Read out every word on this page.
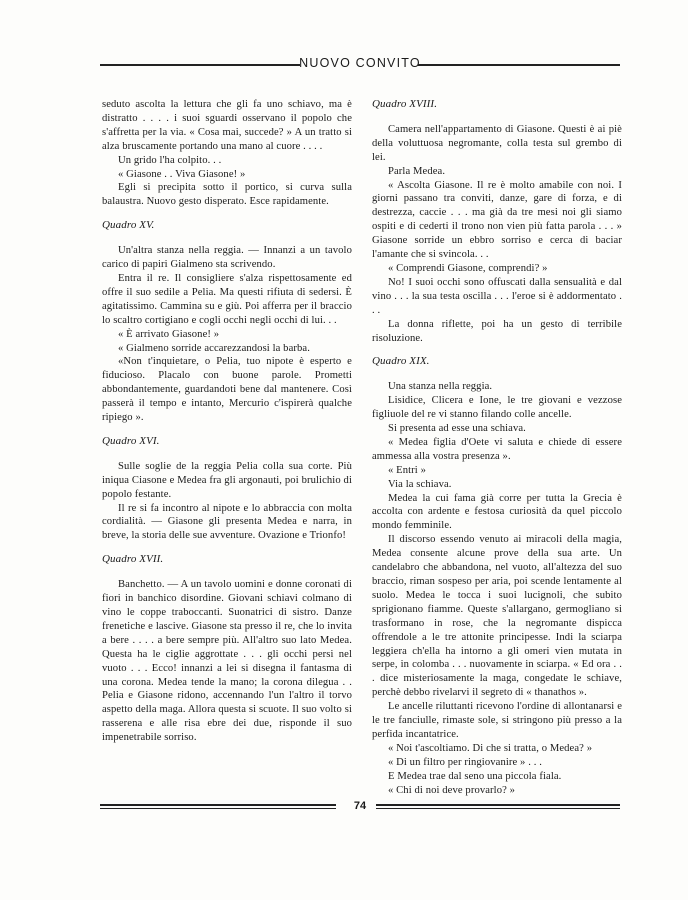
NUOVO CONVITO

seduto ascolta la lettura che gli fa uno schiavo, ma è distratto . . . . i suoi sguardi osservano il popolo che s'affretta per la via. « Cosa mai, succede? » A un tratto si alza bruscamente portando una mano al cuore . . . .

Un grido l'ha colpito. . .

« Giasone . . Viva Giasone! »

Egli si precipita sotto il portico, si curva sulla balaustra. Nuovo gesto disperato. Esce rapidamente.

Quadro XV.

Un'altra stanza nella reggia. — Innanzi a un tavolo carico di papiri Gialmeno sta scrivendo.

Entra il re. Il consigliere s'alza rispettosamente ed offre il suo sedile a Pelia. Ma questi rifiuta di sedersi. È agitatissimo. Cammina su e giù. Poi afferra per il braccio lo scaltro cortigiano e cogli occhi negli occhi di lui. . .

« È arrivato Giasone! »

« Gialmeno sorride accarezzandosi la barba.

«Non t'inquietare, o Pelia, tuo nipote è esperto e fiducioso. Placalo con buone parole. Prometti abbondantemente, guardandoti bene dal mantenere. Così passerà il tempo e intanto, Mercurio c'ispirerà qualche ripiego ».

Quadro XVI.

Sulle soglie de la reggia Pelia colla sua corte. Più iniqua Ciasone e Medea fra gli argonauti, poi brulichio di popolo festante.

Il re si fa incontro al nipote e lo abbraccia con molta cordialità. — Giasone gli presenta Medea e narra, in breve, la storia delle sue avventure. Ovazione e Trionfo!

Quadro XVII.

Banchetto. — A un tavolo uomini e donne coronati di fiori in banchico disordine. Giovani schiavi colmano di vino le coppe traboccanti. Suonatrici di sistro. Danze frenetiche e lascive. Giasone sta presso il re, che lo invita a bere . . . . a bere sempre più. All'altro suo lato Medea. Questa ha le ciglie aggrottate . . . gli occhi persi nel vuoto . . . Ecco! innanzi a lei si disegna il fantasma di una corona. Medea tende la mano; la corona dilegua . . Pelia e Giasone ridono, accennando l'un l'altro il torvo aspetto della maga. Allora questa si scuote. Il suo volto si rasserena e alle risa ebre dei due, risponde il suo impenetrabile sorriso.

Quadro XVIII.

Camera nell'appartamento di Giasone. Questi è ai piè della voluttuosa negromante, colla testa sul grembo di lei.

Parla Medea.

« Ascolta Giasone. Il re è molto amabile con noi. I giorni passano tra conviti, danze, gare di forza, e di destrezza, caccie . . . ma già da tre mesi noi gli siamo ospiti e di cederti il trono non vien più fatta parola . . . » Giasone sorride un ebbro sorriso e cerca di baciar l'amante che si svincola. . .

« Comprendi Giasone, comprendi? »

No! I suoi occhi sono offuscati dalla sensualità e dal vino . . . la sua testa oscilla . . . l'eroe si è addormentato . . .

La donna riflette, poi ha un gesto di terribile risoluzione.

Quadro XIX.

Una stanza nella reggia.

Lisidice, Clicera e Ione, le tre giovani e vezzose figliuole del re vi stanno filando colle ancelle.

Si presenta ad esse una schiava.

« Medea figlia d'Oete vi saluta e chiede di essere ammessa alla vostra presenza ».

« Entri »

Via la schiava.

Medea la cui fama già corre per tutta la Grecia è accolta con ardente e festosa curiosità da quel piccolo mondo femminile.

Il discorso essendo venuto ai miracoli della magia, Medea consente alcune prove della sua arte. Un candelabro che abbandona, nel vuoto, all'altezza del suo braccio, riman sospeso per aria, poi scende lentamente al suolo. Medea le tocca i suoi lucignoli, che subito sprigionano fiamme. Queste s'allargano, germogliano si trasformano in rose, che la negromante dispicca offrendole a le tre attonite principesse. Indi la sciarpa leggiera ch'ella ha intorno a gli omeri vien mutata in serpe, in colomba . . . nuovamente in sciarpa. « Ed ora . . . dice misteriosamente la maga, congedate le schiave, perchè debbo rivelarvi il segreto di « thanathos ».

Le ancelle riluttanti ricevono l'ordine di allontanarsi e le tre fanciulle, rimaste sole, si stringono più presso a la perfida incantatrice.

« Noi t'ascoltiamo. Di che si tratta, o Medea? »

« Di un filtro per ringiovanire » . . .

E Medea trae dal seno una piccola fiala.

« Chi di noi deve provarlo? »

74
